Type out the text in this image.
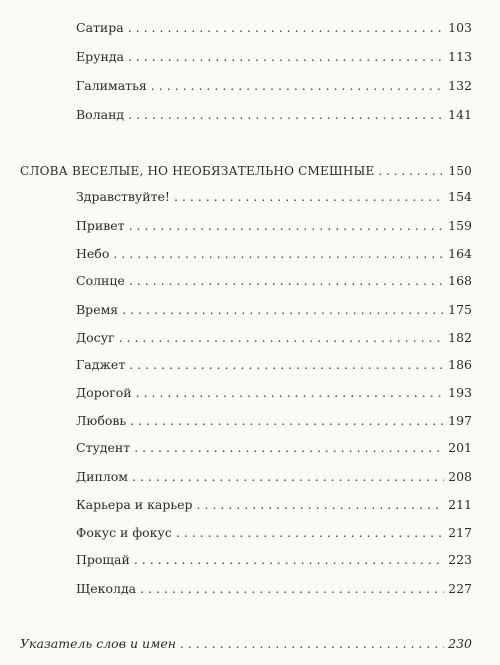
Сатира . . .	103
Ерунда . . .	113
Галиматья . . .	132
Воланд . . .	141
СЛОВА ВЕСЕЛЫЕ, НО НЕОБЯЗАТЕЛЬНО СМЕШНЫЕ . . .	150
Здравствуйте! . . .	154
Привет . . .	159
Небо . . .	164
Солнце . . .	168
Время . . .	175
Досуг . . .	182
Гаджет . . .	186
Дорогой . . .	193
Любовь . . .	197
Студент . . .	201
Диплом . . .	208
Карьера и карьер . . .	211
Фокус и фокус . . .	217
Прощай . . .	223
Щеколда . . .	227
Указатель слов и имен . . .	230
